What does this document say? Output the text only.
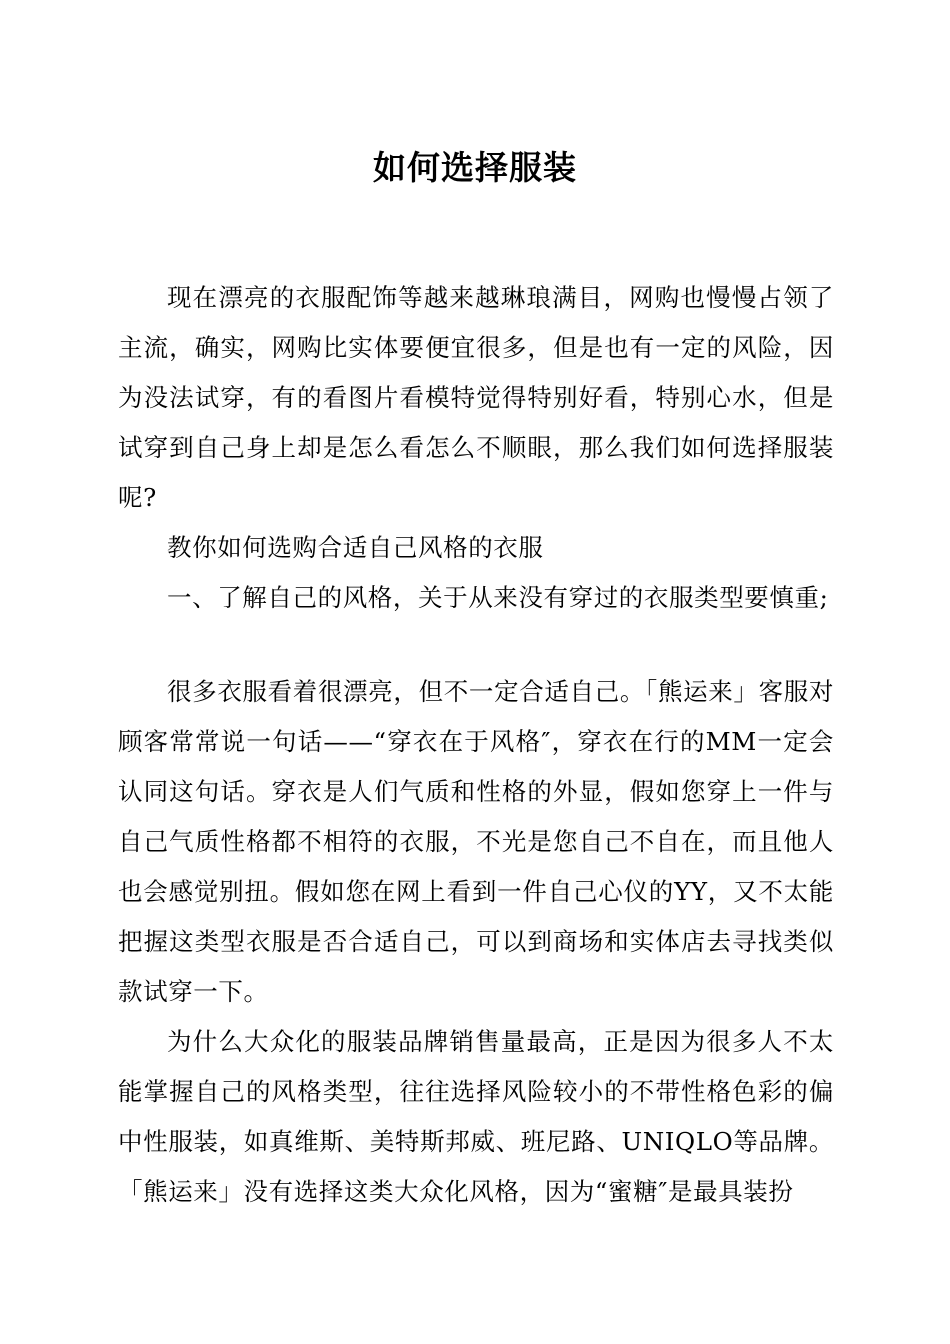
如何选择服装

现在漂亮的衣服配饰等越来越琳琅满目，网购也慢慢占领了主流，确实，网购比实体要便宜很多，但是也有一定的风险，因为没法试穿，有的看图片看模特觉得特别好看，特别心水，但是试穿到自己身上却是怎么看怎么不顺眼，那么我们如何选择服装呢?

教你如何选购合适自己风格的衣服

一、了解自己的风格，关于从来没有穿过的衣服类型要慎重;

很多衣服看着很漂亮，但不一定合适自己。「熊运来」客服对顾客常常说一句话——“穿衣在于风格″，穿衣在行的MM一定会认同这句话。穿衣是人们气质和性格的外显，假如您穿上一件与自己气质性格都不相符的衣服，不光是您自己不自在，而且他人也会感觉别扭。假如您在网上看到一件自己心仪的YY，又不太能把握这类型衣服是否合适自己，可以到商场和实体店去寻找类似款试穿一下。

为什么大众化的服装品牌销售量最高，正是因为很多人不太能掌握自己的风格类型，往往选择风险较小的不带性格色彩的偏中性服装，如真维斯、美特斯邦威、班尼路、UNIQLO等品牌。「熊运来」没有选择这类大众化风格，因为“蜜糖″是最具装扮
